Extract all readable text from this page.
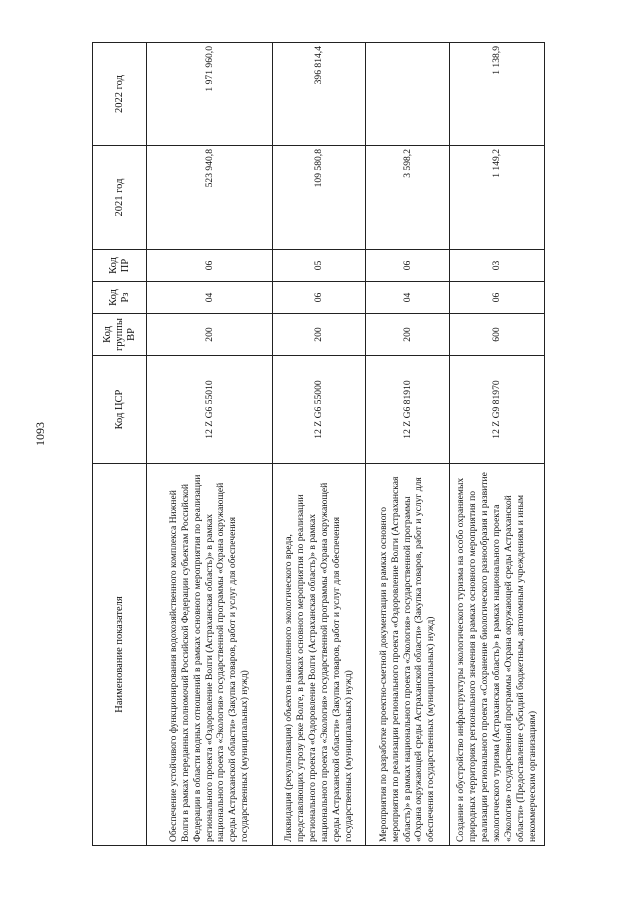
1093
Наименование показателя	Код ЦСР	Код группы ВР	Код Рз	Код ПР	2021 год	2022 год
Обеспечение устойчивого функционирования водохозяйственного комплекса Нижней Волги в рамках переданных полномочий Российской Федерации субъектам Российской Федерации в области водных отношений в рамках основного мероприятия по реализации регионального проекта «Оздоровление Волги (Астраханская область)» в рамках национального проекта «Экология» государственной программы «Охрана окружающей среды Астраханской области» (Закупка товаров, работ и услуг для обеспечения государственных (муниципальных) нужд)	12 Z G6 55010	200	04	06	523 940,8	1 971 960,0
Ликвидация (рекультивация) объектов накопленного экологического вреда, представляющих угрозу реке Волге, в рамках основного мероприятия по реализации регионального проекта «Оздоровление Волги (Астраханская область)» в рамках национального проекта «Экология» государственной программы «Охрана окружающей среды Астраханской области» (Закупка товаров, работ и услуг для обеспечения государственных (муниципальных) нужд)	12 Z G6 55000	200	06	05	109 580,8	396 814,4
Мероприятия по разработке проектно-сметной документации в рамках основного мероприятия по реализации регионального проекта «Оздоровление Волги (Астраханская область)» в рамках национального проекта «Экология» государственной программы «Охрана окружающей среды Астраханской области» (Закупка товаров, работ и услуг для обеспечения государственных (муниципальных) нужд)	12 Z G6 81910	200	04	06	3 598,2	
Создание и обустройство инфраструктуры экологического туризма на особо охраняемых природных территориях регионального значения в рамках основного мероприятия по реализации регионального проекта «Сохранение биологического разнообразия и развитие экологического туризма (Астраханская область)» в рамках национального проекта «Экология» государственной программы «Охрана окружающей среды Астраханской области» (Предоставление субсидий бюджетным, автономным учреждениям и иным некоммерческим организациям)	12 Z G9 81970	600	06	03	1 149,2	1 138,9
